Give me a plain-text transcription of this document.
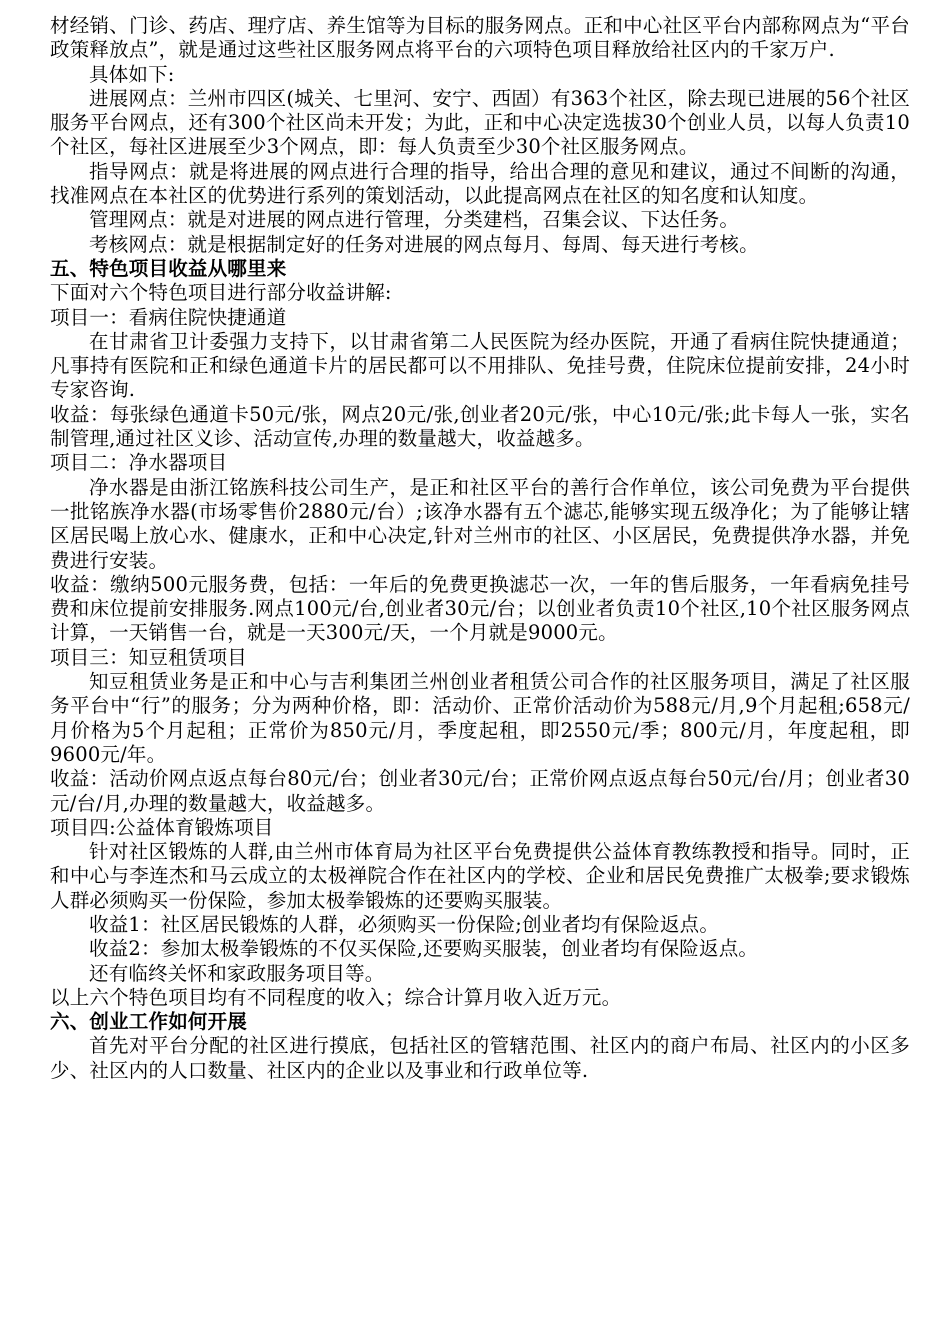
材经销、门诊、药店、理疗店、养生馆等为目标的服务网点。正和中心社区平台内部称网点为“平台政策释放点”，就是通过这些社区服务网点将平台的六项特色项目释放给社区内的千家万户.

具体如下:

进展网点：兰州市四区(城关、七里河、安宁、西固）有363个社区，除去现已进展的56个社区服务平台网点，还有300个社区尚未开发；为此，正和中心决定选拔30个创业人员，以每人负责10个社区，每社区进展至少3个网点，即：每人负责至少30个社区服务网点。

指导网点：就是将进展的网点进行合理的指导，给出合理的意见和建议，通过不间断的沟通，找准网点在本社区的优势进行系列的策划活动，以此提高网点在社区的知名度和认知度。

管理网点：就是对进展的网点进行管理，分类建档，召集会议、下达任务。

考核网点：就是根据制定好的任务对进展的网点每月、每周、每天进行考核。

五、特色项目收益从哪里来

下面对六个特色项目进行部分收益讲解:

项目一：看病住院快捷通道

在甘肃省卫计委强力支持下，以甘肃省第二人民医院为经办医院，开通了看病住院快捷通道；凡事持有医院和正和绿色通道卡片的居民都可以不用排队、免挂号费，住院床位提前安排，24小时专家咨询.

收益：每张绿色通道卡50元/张，网点20元/张,创业者20元/张，中心10元/张;此卡每人一张，实名制管理,通过社区义诊、活动宣传,办理的数量越大，收益越多。

项目二：净水器项目

净水器是由浙江铭族科技公司生产，是正和社区平台的善行合作单位，该公司免费为平台提供一批铭族净水器(市场零售价2880元/台）;该净水器有五个滤芯,能够实现五级净化；为了能够让辖区居民喝上放心水、健康水，正和中心决定,针对兰州市的社区、小区居民，免费提供净水器，并免费进行安装。

收益：缴纳500元服务费，包括：一年后的免费更换滤芯一次，一年的售后服务，一年看病免挂号费和床位提前安排服务.网点100元/台,创业者30元/台；以创业者负责10个社区,10个社区服务网点计算，一天销售一台，就是一天300元/天，一个月就是9000元。

项目三：知豆租赁项目

知豆租赁业务是正和中心与吉利集团兰州创业者租赁公司合作的社区服务项目，满足了社区服务平台中“行”的服务；分为两种价格，即：活动价、正常价活动价为588元/月,9个月起租;658元/月价格为5个月起租；正常价为850元/月，季度起租，即2550元/季；800元/月，年度起租，即9600元/年。

收益：活动价网点返点每台80元/台；创业者30元/台；正常价网点返点每台50元/台/月；创业者30元/台/月,办理的数量越大，收益越多。

项目四:公益体育锻炼项目

针对社区锻炼的人群,由兰州市体育局为社区平台免费提供公益体育教练教授和指导。同时，正和中心与李连杰和马云成立的太极禅院合作在社区内的学校、企业和居民免费推广太极拳;要求锻炼人群必须购买一份保险，参加太极拳锻炼的还要购买服装。

收益1：社区居民锻炼的人群，必须购买一份保险;创业者均有保险返点。

收益2：参加太极拳锻炼的不仅买保险,还要购买服装，创业者均有保险返点。

还有临终关怀和家政服务项目等。

以上六个特色项目均有不同程度的收入；综合计算月收入近万元。

六、创业工作如何开展

首先对平台分配的社区进行摸底，包括社区的管辖范围、社区内的商户布局、社区内的小区多少、社区内的人口数量、社区内的企业以及事业和行政单位等.
